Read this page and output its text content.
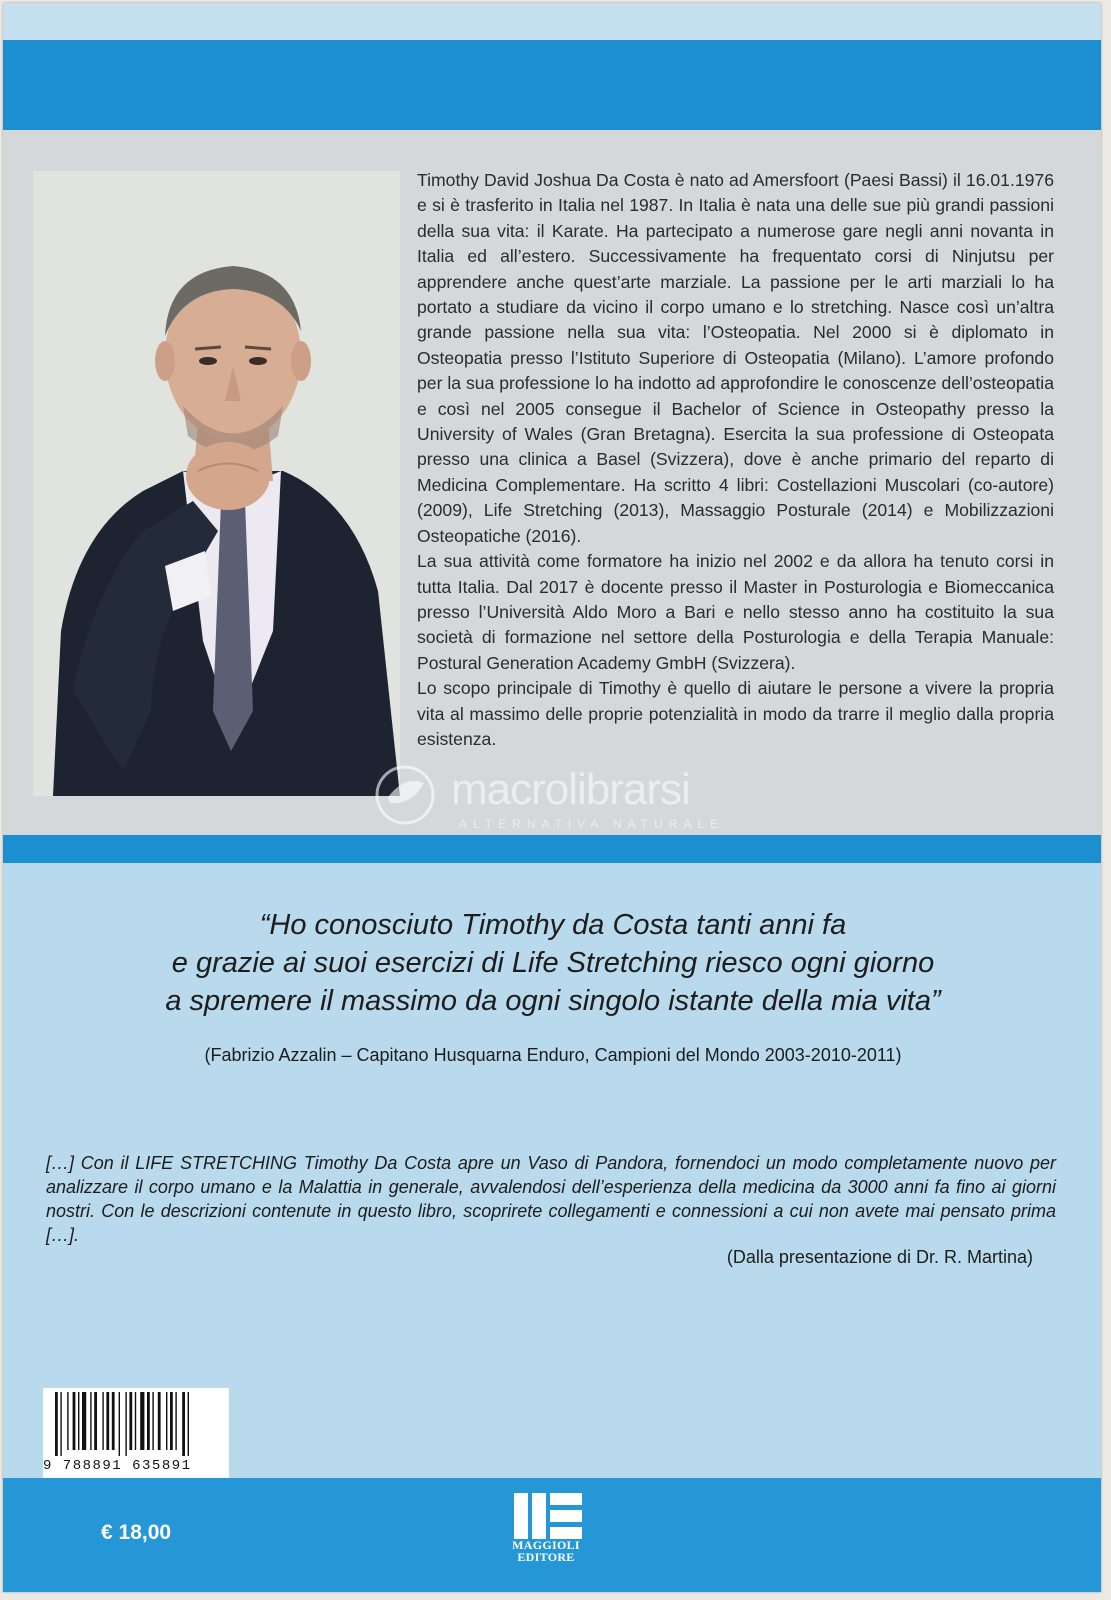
Timothy David Joshua Da Costa è nato ad Amersfoort (Paesi Bassi) il 16.01.1976 e si è trasferito in Italia nel 1987. In Italia è nata una delle sue più grandi passioni della sua vita: il Karate. Ha partecipato a numerose gare negli anni novanta in Italia ed all’estero. Successivamente ha frequentato corsi di Ninjutsu per apprendere anche quest’arte marziale. La passione per le arti marziali lo ha portato a studiare da vicino il corpo umano e lo stretching. Nasce così un’altra grande passione nella sua vita: l’Osteopatia. Nel 2000 si è diplomato in Osteopatia presso l’Istituto Superiore di Osteopatia (Milano). L’amore profondo per la sua professione lo ha indotto ad approfondire le conoscenze dell’osteopatia e così nel 2005 consegue il Bachelor of Science in Osteopathy presso la University of Wales (Gran Bretagna). Esercita la sua professione di Osteopata presso una clinica a Basel (Svizzera), dove è anche primario del reparto di Medicina Complementare. Ha scritto 4 libri: Costellazioni Muscolari (co-autore) (2009), Life Stretching (2013), Massaggio Posturale (2014) e Mobilizzazioni Osteopatiche (2016).

La sua attività come formatore ha inizio nel 2002 e da allora ha tenuto corsi in tutta Italia. Dal 2017 è docente presso il Master in Posturologia e Biomeccanica presso l’Università Aldo Moro a Bari e nello stesso anno ha costituito la sua società di formazione nel settore della Posturologia e della Terapia Manuale: Postural Generation Academy GmbH (Svizzera).

Lo scopo principale di Timothy è quello di aiutare le persone a vivere la propria vita al massimo delle proprie potenzialità in modo da trarre il meglio dalla propria esistenza.

macrolibrarsi
ALTERNATIVA NATURALE

“Ho conosciuto Timothy da Costa tanti anni fa

e grazie ai suoi esercizi di Life Stretching riesco ogni giorno

a spremere il massimo da ogni singolo istante della mia vita”

(Fabrizio Azzalin – Capitano Husquarna Enduro, Campioni del Mondo 2003-2010-2011)
[…] Con il LIFE STRETCHING Timothy Da Costa apre un Vaso di Pandora, fornendoci un modo completamente nuovo per analizzare il corpo umano e la Malattia in generale, avvalendosi dell’esperienza della medicina da 3000 anni fa fino ai giorni nostri. Con le descrizioni contenute in questo libro, scoprirete collegamenti e connessioni a cui non avete mai pensato prima […].
(Dalla presentazione di Dr. R. Martina)
9 788891 635891
€ 18,00
MAGGIOLI
EDITORE
